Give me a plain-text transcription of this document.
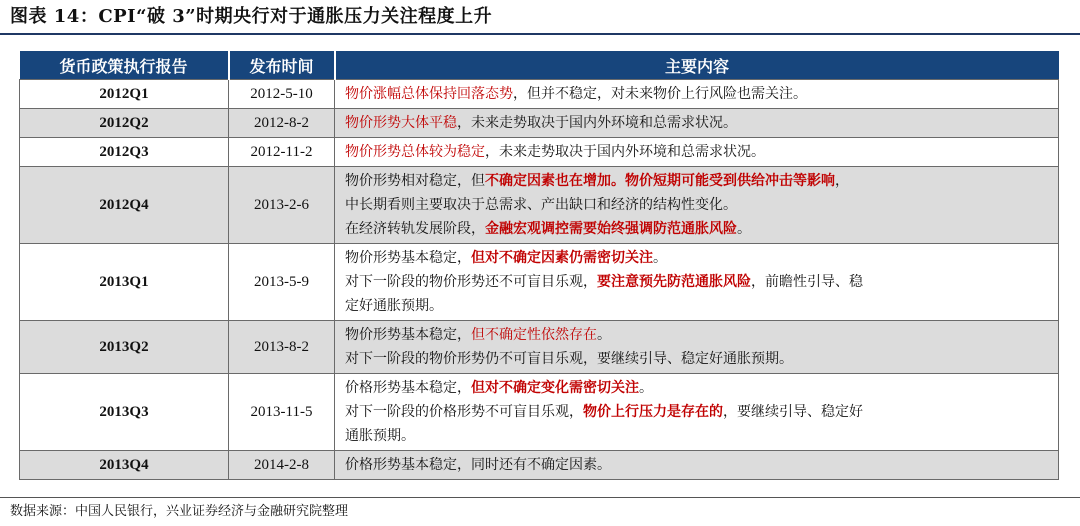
图表 14：CPI“破 3”时期央行对于通胀压力关注程度上升
货币政策执行报告	发布时间	主要内容
2012Q1	2012-5-10	物价涨幅总体保持回落态势，但并不稳定，对未来物价上行风险也需关注。

2012Q2	2012-8-2	物价形势大体平稳，未来走势取决于国内外环境和总需求状况。

2012Q3	2012-11-2	物价形势总体较为稳定，未来走势取决于国内外环境和总需求状况。

2012Q4	2013-2-6	物价形势相对稳定，但不确定因素也在增加。物价短期可能受到供给冲击等影响，
中长期看则主要取决于总需求、产出缺口和经济的结构性变化。
在经济转轨发展阶段，金融宏观调控需要始终强调防范通胀风险。

2013Q1	2013-5-9	物价形势基本稳定，但对不确定因素仍需密切关注。
对下一阶段的物价形势还不可盲目乐观，要注意预先防范通胀风险，前瞻性引导、稳
定好通胀预期。

2013Q2	2013-8-2	物价形势基本稳定，但不确定性依然存在。
对下一阶段的物价形势仍不可盲目乐观，要继续引导、稳定好通胀预期。

2013Q3	2013-11-5	价格形势基本稳定，但对不确定变化需密切关注。
对下一阶段的价格形势不可盲目乐观，物价上行压力是存在的，要继续引导、稳定好
通胀预期。

2013Q4	2014-2-8	价格形势基本稳定，同时还有不确定因素。
数据来源：中国人民银行，兴业证券经济与金融研究院整理
